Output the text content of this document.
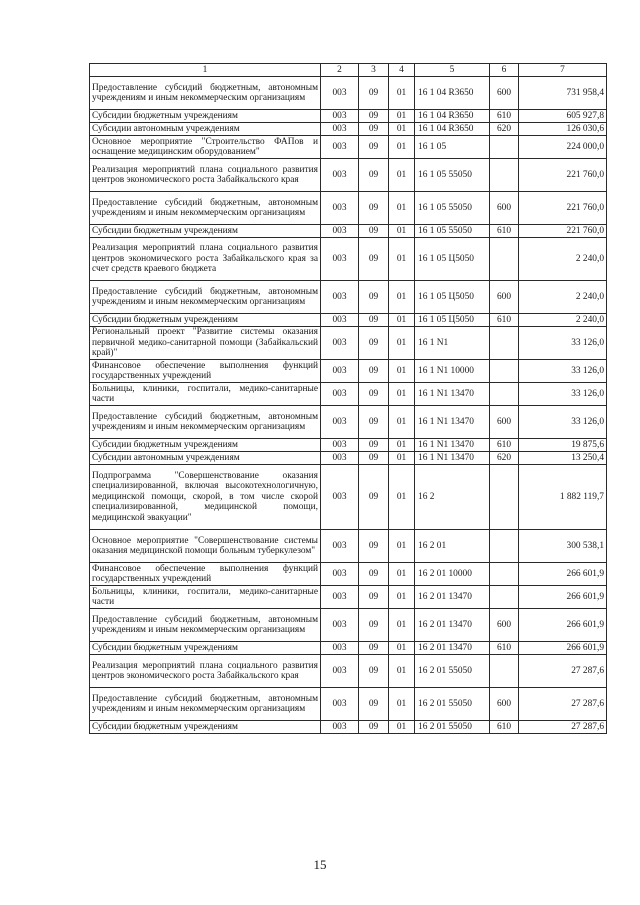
1	2	3	4	5	6	7
Предоставление субсидий бюджетным, автономным учреждениям и иным некоммерческим организациям	003	09	01	16 1 04 R3650	600	731 958,4
Субсидии бюджетным учреждениям	003	09	01	16 1 04 R3650	610	605 927,8
Субсидии автономным учреждениям	003	09	01	16 1 04 R3650	620	126 030,6
Основное мероприятие "Строительство ФАПов и оснащение медицинским оборудованием"	003	09	01	16 1 05		224 000,0
Реализация мероприятий плана социального развития центров экономического роста Забайкальского края	003	09	01	16 1 05 55050		221 760,0
Предоставление субсидий бюджетным, автономным учреждениям и иным некоммерческим организациям	003	09	01	16 1 05 55050	600	221 760,0
Субсидии бюджетным учреждениям	003	09	01	16 1 05 55050	610	221 760,0
Реализация мероприятий плана социального развития центров экономического роста Забайкальского края за счет средств краевого бюджета	003	09	01	16 1 05 Ц5050		2 240,0
Предоставление субсидий бюджетным, автономным учреждениям и иным некоммерческим организациям	003	09	01	16 1 05 Ц5050	600	2 240,0
Субсидии бюджетным учреждениям	003	09	01	16 1 05 Ц5050	610	2 240,0
Региональный проект "Развитие системы оказания первичной медико-санитарной помощи (Забайкальский край)"	003	09	01	16 1 N1		33 126,0
Финансовое обеспечение выполнения функций государственных учреждений	003	09	01	16 1 N1 10000		33 126,0
Больницы, клиники, госпитали, медико-санитарные части	003	09	01	16 1 N1 13470		33 126,0
Предоставление субсидий бюджетным, автономным учреждениям и иным некоммерческим организациям	003	09	01	16 1 N1 13470	600	33 126,0
Субсидии бюджетным учреждениям	003	09	01	16 1 N1 13470	610	19 875,6
Субсидии автономным учреждениям	003	09	01	16 1 N1 13470	620	13 250,4
Подпрограмма "Совершенствование оказания специализированной, включая высокотехнологичную, медицинской помощи, скорой, в том числе скорой специализированной, медицинской помощи, медицинской эвакуации"	003	09	01	16 2		1 882 119,7
Основное мероприятие "Совершенствование системы оказания медицинской помощи больным туберкулезом"	003	09	01	16 2 01		300 538,1
Финансовое обеспечение выполнения функций государственных учреждений	003	09	01	16 2 01 10000		266 601,9
Больницы, клиники, госпитали, медико-санитарные части	003	09	01	16 2 01 13470		266 601,9
Предоставление субсидий бюджетным, автономным учреждениям и иным некоммерческим организациям	003	09	01	16 2 01 13470	600	266 601,9
Субсидии бюджетным учреждениям	003	09	01	16 2 01 13470	610	266 601,9
Реализация мероприятий плана социального развития центров экономического роста Забайкальского края	003	09	01	16 2 01 55050		27 287,6
Предоставление субсидий бюджетным, автономным учреждениям и иным некоммерческим организациям	003	09	01	16 2 01 55050	600	27 287,6
Субсидии бюджетным учреждениям	003	09	01	16 2 01 55050	610	27 287,6
15
